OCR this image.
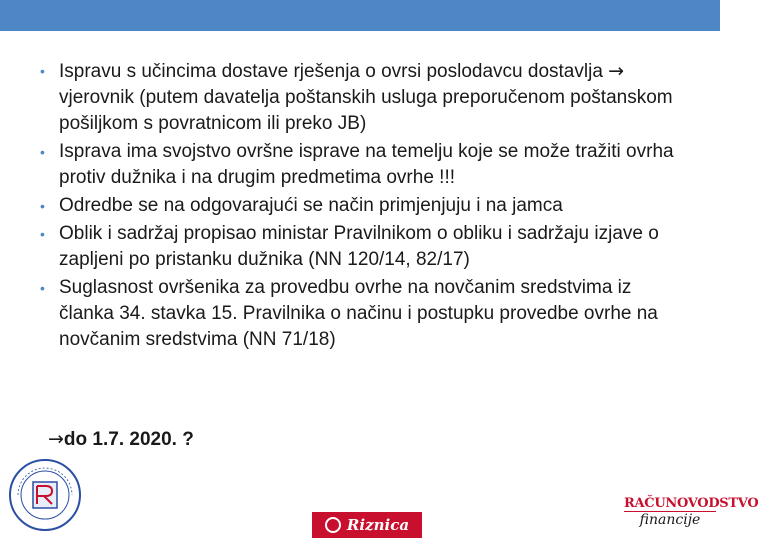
• Ispravu s učincima dostave rješenja o ovrsi poslodavcu dostavlja → vjerovnik (putem davatelja poštanskih usluga preporučenom poštanskom pošiljkom s povratnicom ili preko JB)
• Isprava ima svojstvo ovršne isprave na temelju koje se može tražiti ovrha protiv dužnika i na drugim predmetima ovrhe !!!
• Odredbe se na odgovarajući se način primjenjuju i na jamca
• Oblik i sadržaj propisao ministar Pravilnikom o obliku i sadržaju izjave o zapljeni po pristanku dužnika (NN 120/14, 82/17)
• Suglasnost ovršenika za provedbu ovrhe na novčanim sredstvima iz članka 34. stavka 15. Pravilnika o načinu i postupku provedbe ovrhe na novčanim sredstvima (NN 71/18)
→do 1.7. 2020. ?
Riznica
RAČUNOVODSTVO
financije
